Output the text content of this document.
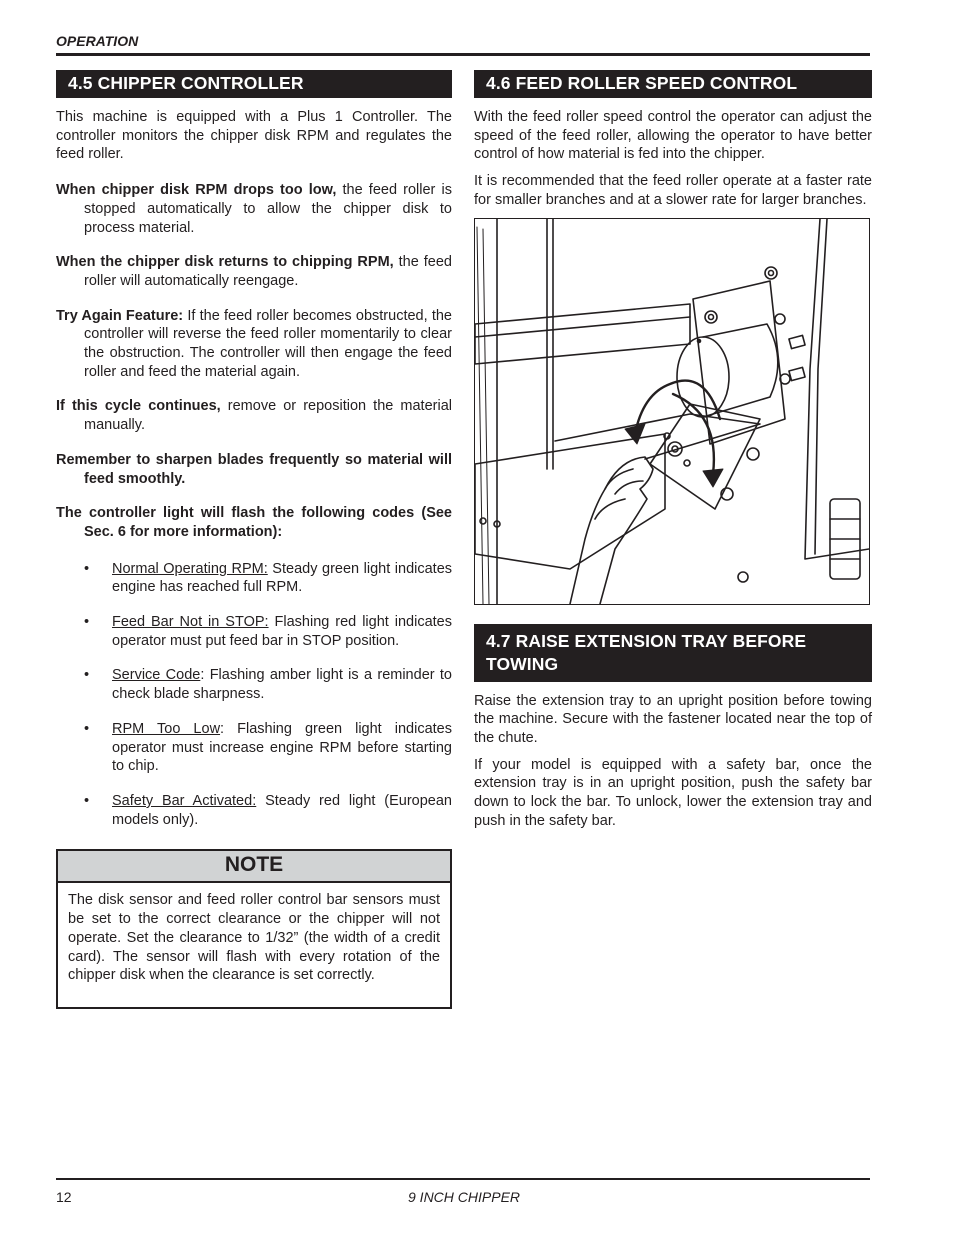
OPERATION
4.5 CHIPPER CONTROLLER

This machine is equipped with a Plus 1 Controller. The controller monitors the chipper disk RPM and regulates the feed roller.

When chipper disk RPM drops too low, the feed roller is stopped automatically to allow the chipper disk to process material.

When the chipper disk returns to chipping RPM, the feed roller will automatically reengage.

Try Again Feature: If the feed roller becomes obstructed, the controller will reverse the feed roller momentarily to clear the obstruction. The controller will then engage the feed roller and feed the material again.

If this cycle continues, remove or reposition the material manually.

Remember to sharpen blades frequently so material will feed smoothly.

The controller light will flash the following codes (See Sec. 6 for more information):

• Normal Operating RPM: Steady green light indicates engine has reached full RPM.
• Feed Bar Not in STOP: Flashing red light indicates operator must put feed bar in STOP position.
• Service Code: Flashing amber light is a reminder to check blade sharpness.
• RPM Too Low: Flashing green light indicates operator must increase engine RPM before starting to chip.
• Safety Bar Activated: Steady red light (European models only).
NOTE

The disk sensor and feed roller control bar sensors must be set to the correct clearance or the chipper will not operate. Set the clearance to 1/32” (the width of a credit card). The sensor will flash with every rotation of the chipper disk when the clearance is set correctly.

4.6 FEED ROLLER SPEED CONTROL

With the feed roller speed control the operator can adjust the speed of the feed roller, allowing the operator to have better control of how material is fed into the chipper.

It is recommended that the feed roller operate at a faster rate for smaller branches and at a slower rate for larger branches.

4.7 RAISE EXTENSION TRAY BEFORE TOWING

Raise the extension tray to an upright position before towing the machine. Secure with the fastener located near the top of the chute.

If your model is equipped with a safety bar, once the extension tray is in an upright position, push the safety bar down to lock the bar. To unlock, lower the extension tray and push in the safety bar.

12	9 INCH CHIPPER
